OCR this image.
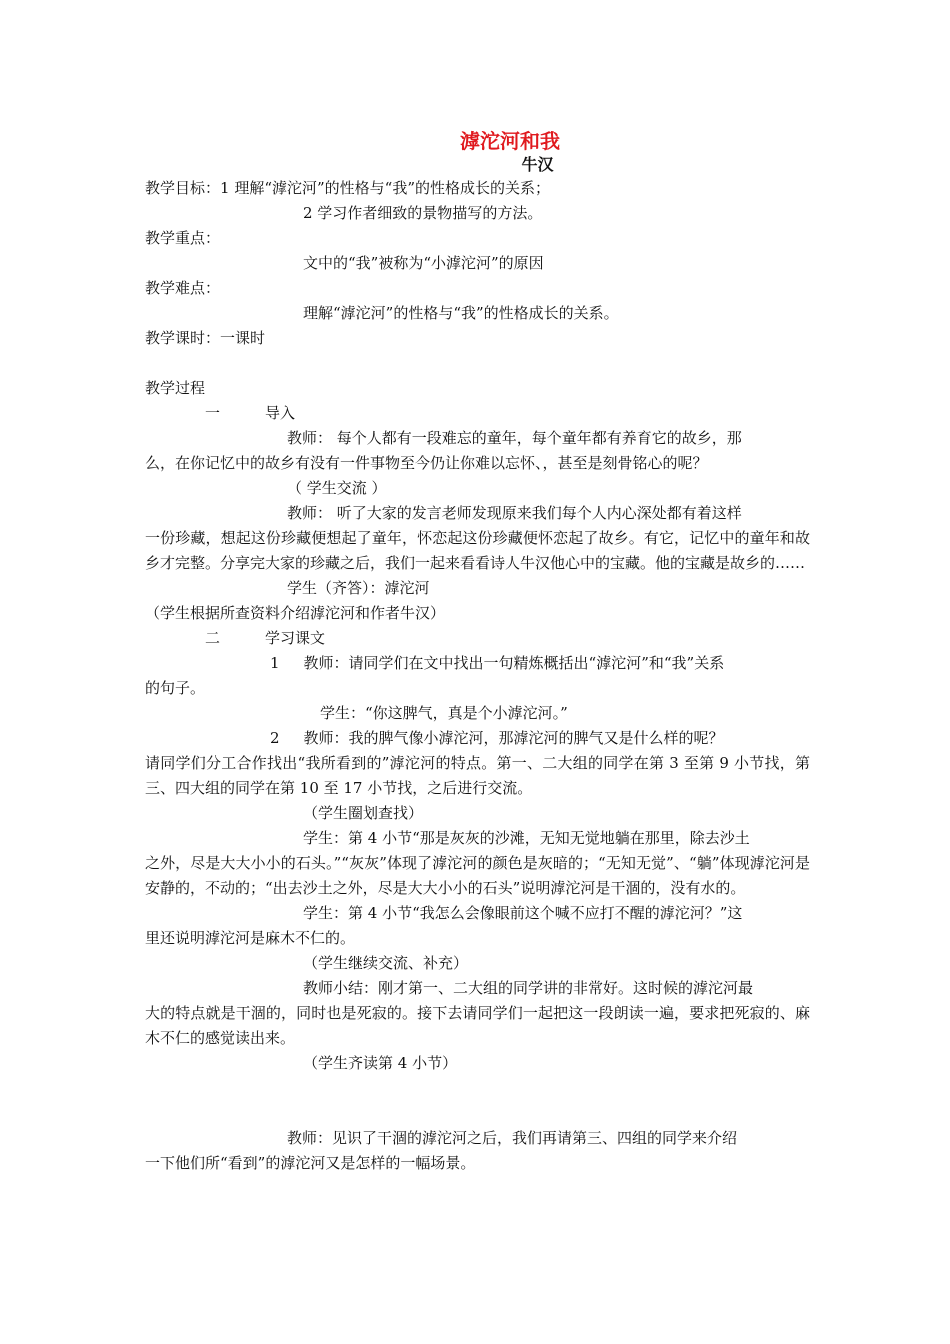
滹沱河和我
牛汉

教学目标：1 理解“滹沱河”的性格与“我”的性格成长的关系；

2 学习作者细致的景物描写的方法。

教学重点：

文中的“我”被称为“小滹沱河”的原因

教学难点：

理解“滹沱河”的性格与“我”的性格成长的关系。

教学课时：一课时

教学过程

一	导入

教师： 每个人都有一段难忘的童年，每个童年都有养育它的故乡，那

么，在你记忆中的故乡有没有一件事物至今仍让你难以忘怀、，甚至是刻骨铭心的呢？

（ 学生交流 ）

教师： 听了大家的发言老师发现原来我们每个人内心深处都有着这样

一份珍藏，想起这份珍藏便想起了童年，怀恋起这份珍藏便怀恋起了故乡。有它，记忆中的童年和故乡才完整。分享完大家的珍藏之后，我们一起来看看诗人牛汉他心中的宝藏。他的宝藏是故乡的……

学生（齐答）：滹沱河

（学生根据所查资料介绍滹沱河和作者牛汉）

二	学习课文

1 教师：请同学们在文中找出一句精炼概括出“滹沱河”和“我”关系

的句子。

学生：“你这脾气，真是个小滹沱河。”

2 教师：我的脾气像小滹沱河，那滹沱河的脾气又是什么样的呢？

请同学们分工合作找出“我所看到的”滹沱河的特点。第一、二大组的同学在第 3 至第 9 小节找，第三、四大组的同学在第 10 至 17 小节找，之后进行交流。

（学生圈划查找）

学生：第 4 小节“那是灰灰的沙滩，无知无觉地躺在那里，除去沙土

之外，尽是大大小小的石头。”“灰灰”体现了滹沱河的颜色是灰暗的；“无知无觉”、“躺”体现滹沱河是安静的，不动的；“出去沙土之外，尽是大大小小的石头”说明滹沱河是干涸的，没有水的。

学生：第 4 小节“我怎么会像眼前这个喊不应打不醒的滹沱河？”这

里还说明滹沱河是麻木不仁的。

（学生继续交流、补充）

教师小结：刚才第一、二大组的同学讲的非常好。这时候的滹沱河最

大的特点就是干涸的，同时也是死寂的。接下去请同学们一起把这一段朗读一遍，要求把死寂的、麻木不仁的感觉读出来。

（学生齐读第 4 小节）

教师：见识了干涸的滹沱河之后，我们再请第三、四组的同学来介绍

一下他们所“看到”的滹沱河又是怎样的一幅场景。
